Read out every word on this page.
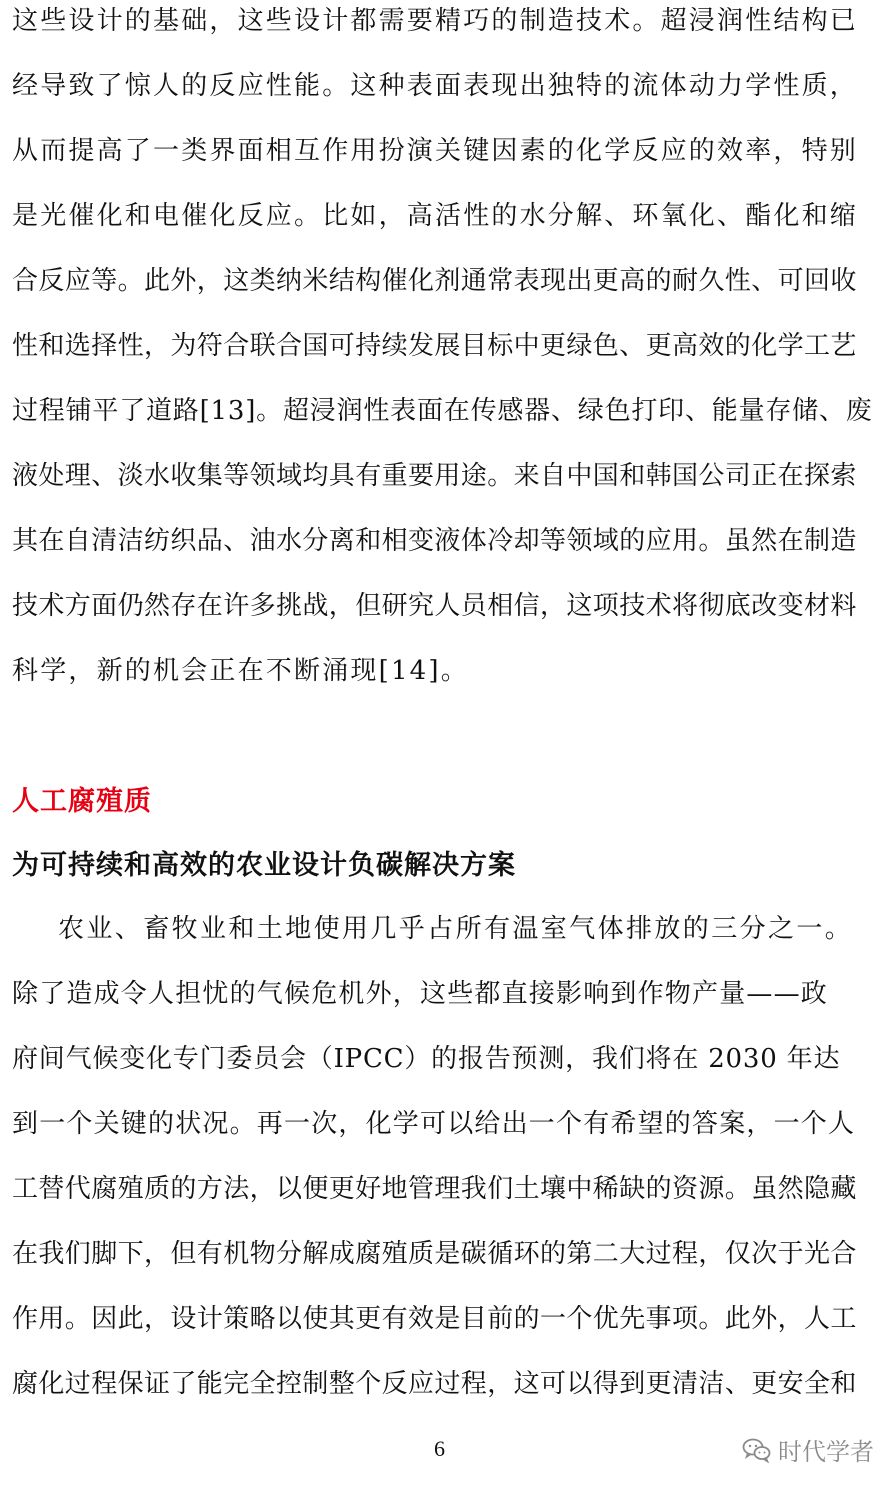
这些设计的基础，这些设计都需要精巧的制造技术。超浸润性结构已
经导致了惊人的反应性能。这种表面表现出独特的流体动力学性质，
从而提高了一类界面相互作用扮演关键因素的化学反应的效率，特别
是光催化和电催化反应。比如，高活性的水分解、环氧化、酯化和缩
合反应等。此外，这类纳米结构催化剂通常表现出更高的耐久性、可回收
性和选择性，为符合联合国可持续发展目标中更绿色、更高效的化学工艺
过程铺平了道路[13]。超浸润性表面在传感器、绿色打印、能量存储、废
液处理、淡水收集等领域均具有重要用途。来自中国和韩国公司正在探索
其在自清洁纺织品、油水分离和相变液体冷却等领域的应用。虽然在制造
技术方面仍然存在许多挑战，但研究人员相信，这项技术将彻底改变材料
科学，新的机会正在不断涌现[14]。
人工腐殖质
为可持续和高效的农业设计负碳解决方案
农业、畜牧业和土地使用几乎占所有温室气体排放的三分之一。
除了造成令人担忧的气候危机外，这些都直接影响到作物产量——政
府间气候变化专门委员会（IPCC）的报告预测，我们将在 2030 年达
到一个关键的状况。再一次，化学可以给出一个有希望的答案，一个人
工替代腐殖质的方法，以便更好地管理我们土壤中稀缺的资源。虽然隐藏
在我们脚下，但有机物分解成腐殖质是碳循环的第二大过程，仅次于光合
作用。因此，设计策略以使其更有效是目前的一个优先事项。此外，人工
腐化过程保证了能完全控制整个反应过程，这可以得到更清洁、更安全和
6	时代学者
